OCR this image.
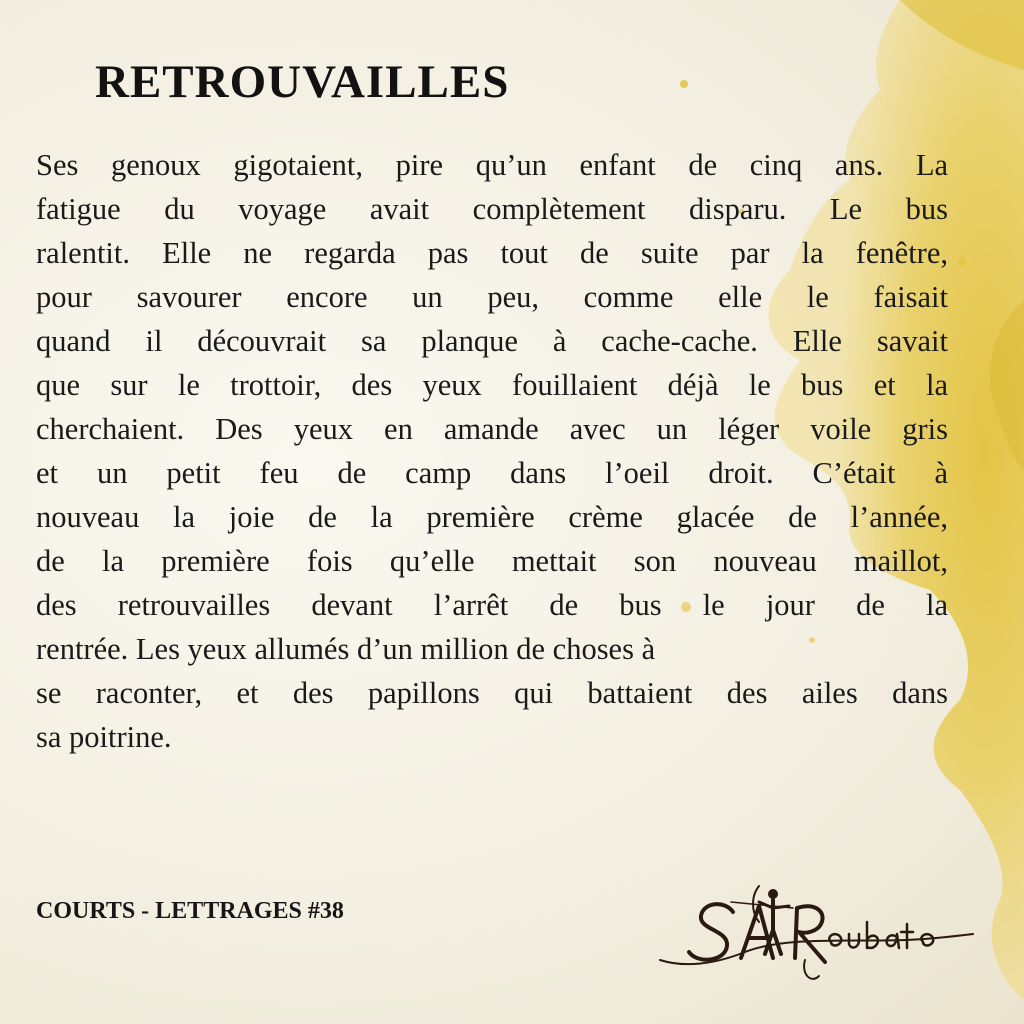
RETROUVAILLES
Ses genoux gigotaient, pire qu’un enfant de cinq ans. La
fatigue du voyage avait complètement disparu. Le bus
ralentit. Elle ne regarda pas tout de suite par la fenêtre,
pour savourer encore un peu, comme elle le faisait
quand il découvrait sa planque à cache-cache. Elle savait
que sur le trottoir, des yeux fouillaient déjà le bus et la
cherchaient. Des yeux en amande avec un léger voile gris
et un petit feu de camp dans l’oeil droit. C’était à
nouveau la joie de la première crème glacée de l’année,
de la première fois qu’elle mettait son nouveau maillot,
des retrouvailles devant l’arrêt de bus le jour de la
rentrée. Les yeux allumés d’un million de choses à
se raconter, et des papillons qui battaient des ailes dans
sa poitrine.
COURTS - LETTRAGES #38
